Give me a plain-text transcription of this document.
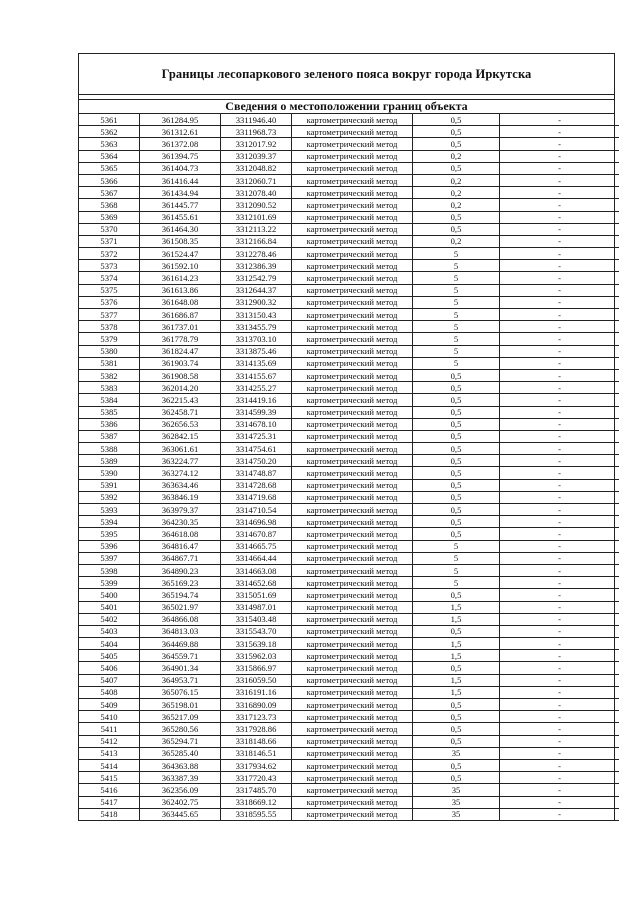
Границы лесопаркового зеленого пояса вокруг города Иркутска
Сведения о местоположении границ объекта
5361	361284.95	3311946.40	картометрический метод	0,5	-
5362	361312.61	3311968.73	картометрический метод	0,5	-
5363	361372.08	3312017.92	картометрический метод	0,5	-
5364	361394.75	3312039.37	картометрический метод	0,2	-
5365	361404.73	3312048.82	картометрический метод	0,5	-
5366	361416.44	3312060.71	картометрический метод	0,2	-
5367	361434.94	3312078.40	картометрический метод	0,2	-
5368	361445.77	3312090.52	картометрический метод	0,2	-
5369	361455.61	3312101.69	картометрический метод	0,5	-
5370	361464.30	3312113.22	картометрический метод	0,5	-
5371	361508.35	3312166.84	картометрический метод	0,2	-
5372	361524.47	3312278.46	картометрический метод	5	-
5373	361592.10	3312386.39	картометрический метод	5	-
5374	361614.23	3312542.79	картометрический метод	5	-
5375	361613.86	3312644.37	картометрический метод	5	-
5376	361648.08	3312900.32	картометрический метод	5	-
5377	361686.87	3313150.43	картометрический метод	5	-
5378	361737.01	3313455.79	картометрический метод	5	-
5379	361778.79	3313703.10	картометрический метод	5	-
5380	361824.47	3313875.46	картометрический метод	5	-
5381	361903.74	3314135.69	картометрический метод	5	-
5382	361908.58	3314155.67	картометрический метод	0,5	-
5383	362014.20	3314255.27	картометрический метод	0,5	-
5384	362215.43	3314419.16	картометрический метод	0,5	-
5385	362458.71	3314599.39	картометрический метод	0,5	-
5386	362656.53	3314678.10	картометрический метод	0,5	-
5387	362842.15	3314725.31	картометрический метод	0,5	-
5388	363061.61	3314754.61	картометрический метод	0,5	-
5389	363224.77	3314750.20	картометрический метод	0,5	-
5390	363274.12	3314748.87	картометрический метод	0,5	-
5391	363634.46	3314728.68	картометрический метод	0,5	-
5392	363846.19	3314719.68	картометрический метод	0,5	-
5393	363979.37	3314710.54	картометрический метод	0,5	-
5394	364230.35	3314696.98	картометрический метод	0,5	-
5395	364618.08	3314670.87	картометрический метод	0,5	-
5396	364816.47	3314665.75	картометрический метод	5	-
5397	364867.71	3314664.44	картометрический метод	5	-
5398	364890.23	3314663.08	картометрический метод	5	-
5399	365169.23	3314652.68	картометрический метод	5	-
5400	365194.74	3315051.69	картометрический метод	0,5	-
5401	365021.97	3314987.01	картометрический метод	1,5	-
5402	364866.08	3315403.48	картометрический метод	1,5	-
5403	364813.03	3315543.70	картометрический метод	0,5	-
5404	364469.88	3315639.18	картометрический метод	1,5	-
5405	364559.71	3315962.03	картометрический метод	1,5	-
5406	364901.34	3315866.97	картометрический метод	0,5	-
5407	364953.71	3316059.50	картометрический метод	1,5	-
5408	365076.15	3316191.16	картометрический метод	1,5	-
5409	365198.01	3316890.09	картометрический метод	0,5	-
5410	365217.09	3317123.73	картометрический метод	0,5	-
5411	365280.56	3317928.86	картометрический метод	0,5	-
5412	365294.71	3318148.66	картометрический метод	0,5	-
5413	365285.40	3318146.51	картометрический метод	35	-
5414	364363.88	3317934.62	картометрический метод	0,5	-
5415	363387.39	3317720.43	картометрический метод	0,5	-
5416	362356.09	3317485.70	картометрический метод	35	-
5417	362402.75	3318669.12	картометрический метод	35	-
5418	363445.65	3318595.55	картометрический метод	35	-
